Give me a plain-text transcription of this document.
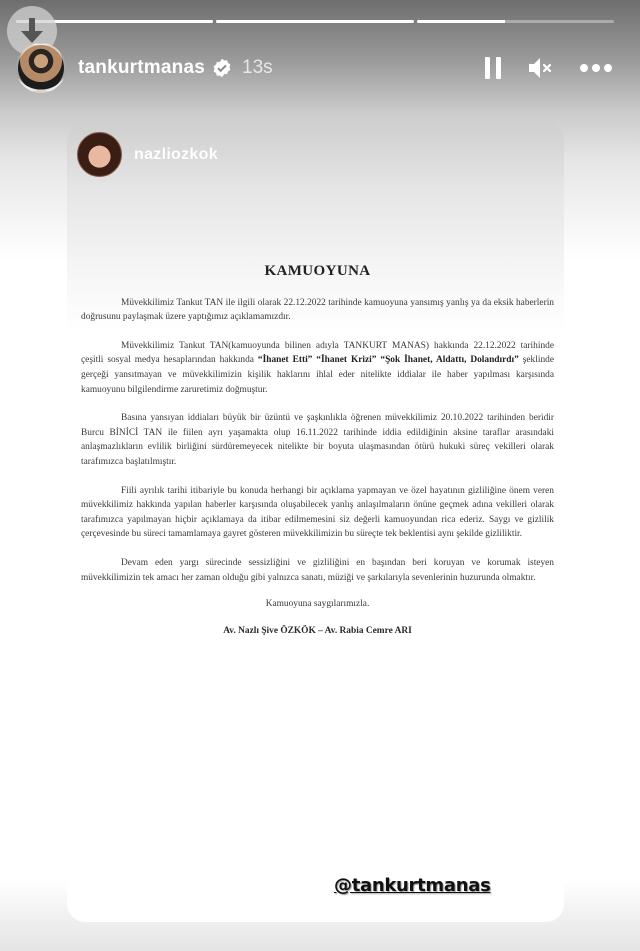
tankurtmanas 13s
nazliozkok
KAMUOYUNA

Müvekkilimiz Tankut TAN ile ilgili olarak 22.12.2022 tarihinde kamuoyuna yansımış yanlış ya da eksik haberlerin doğrusunu paylaşmak üzere yaptığımız açıklamamızdır.

Müvekkilimiz Tankut TAN(kamuoyunda bilinen adıyla TANKURT MANAS) hakkında 22.12.2022 tarihinde çeşitli sosyal medya hesaplarından hakkında “İhanet Etti” “İhanet Krizi” “Şok İhanet, Aldattı, Dolandırdı” şeklinde gerçeği yansıtmayan ve müvekkilimizin kişilik haklarını ihlal eder nitelikte iddialar ile haber yapılması karşısında kamuoyunu bilgilendirme zaruretimiz doğmuştur.

Basına yansıyan iddiaları büyük bir üzüntü ve şaşkınlıkla öğrenen müvekkilimiz 20.10.2022 tarihinden beridir Burcu BİNİCİ TAN ile fiilen ayrı yaşamakta olup 16.11.2022 tarihinde iddia edildiğinin aksine taraflar arasındaki anlaşmazlıkların evlilik birliğini sürdüremeyecek nitelikte bir boyuta ulaşmasından ötürü hukuki süreç vekilleri olarak tarafımızca başlatılmıştır.

Fiili ayrılık tarihi itibariyle bu konuda herhangi bir açıklama yapmayan ve özel hayatının gizliliğine önem veren müvekkilimiz hakkında yapılan haberler karşısında oluşabilecek yanlış anlaşılmaların önüne geçmek adına vekilleri olarak tarafımızca yapılmayan hiçbir açıklamaya da itibar edilmemesini siz değerli kamuoyundan rica ederiz. Saygı ve gizlilik çerçevesinde bu süreci tamamlamaya gayret gösteren müvekkilimizin bu süreçte tek beklentisi aynı şekilde gizliliktir.

Devam eden yargı sürecinde sessizliğini ve gizliliğini en başından beri koruyan ve korumak isteyen müvekkilimizin tek amacı her zaman olduğu gibi yalnızca sanatı, müziği ve şarkılarıyla sevenlerinin huzurunda olmaktır.

Kamuoyuna saygılarımızla.
Av. Nazlı Şive ÖZKÖK – Av. Rabia Cemre ARI
@tankurtmanas
